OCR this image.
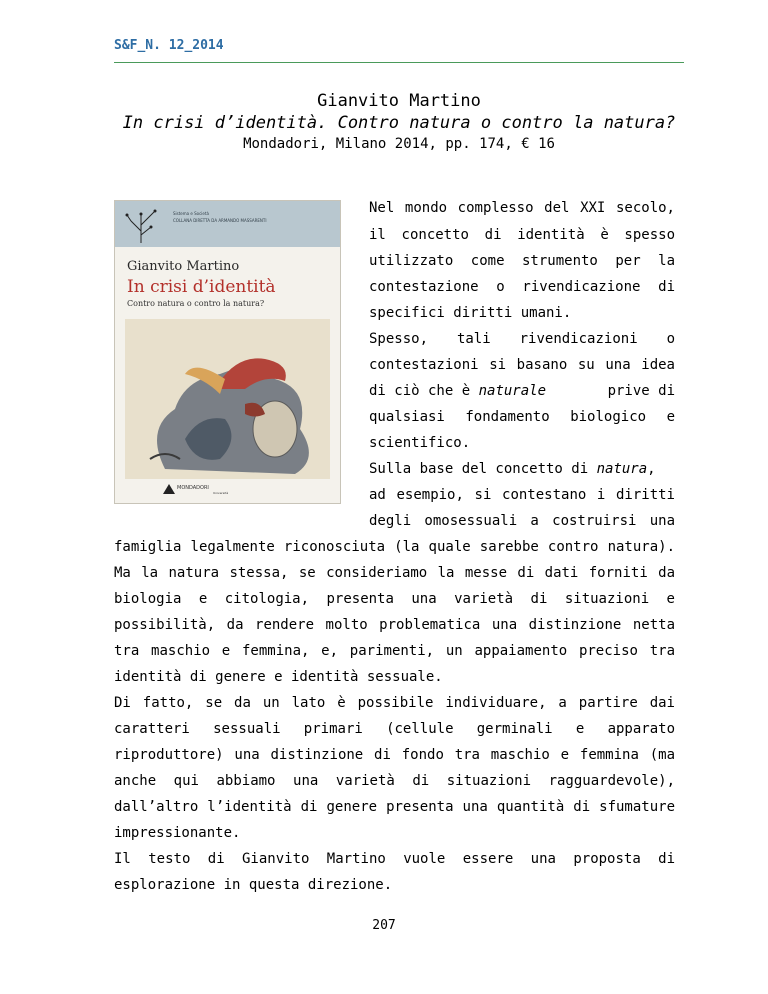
S&F_N. 12_2014
Gianvito Martino
In crisi d’identità. Contro natura o contro la natura?
Mondadori, Milano 2014, pp. 174, € 16
Sistema e Società
COLLANA DIRETTA DA ARMANDO MASSARENTI
Gianvito Martino
In crisi d’identità
Contro natura o contro la natura?
MONDADORI
Università
Nel mondo complesso del XXI secolo,
il concetto di identità è spesso
utilizzato come strumento per la
contestazione o rivendicazione di
specifici diritti umani.
Spesso, tali rivendicazioni o
contestazioni si basano su una idea
di ciò che è naturale	prive di
qualsiasi fondamento biologico e
scientifico.
Sulla base del concetto di natura,
ad esempio, si contestano i diritti
degli omosessuali a costruirsi una
famiglia legalmente riconosciuta (la quale sarebbe contro natura).
Ma la natura stessa, se consideriamo la messe di dati forniti da
biologia e citologia, presenta una varietà di situazioni e
possibilità, da rendere molto problematica una distinzione netta
tra maschio e femmina, e, parimenti, un appaiamento preciso tra
identità di genere e identità sessuale.
Di fatto, se da un lato è possibile individuare, a partire dai
caratteri sessuali primari (cellule germinali e apparato
riproduttore) una distinzione di fondo tra maschio e femmina (ma
anche qui abbiamo una varietà di situazioni ragguardevole),
dall’altro l’identità di genere presenta una quantità di sfumature
impressionante.
Il testo di Gianvito Martino vuole essere una proposta di
esplorazione in questa direzione.
207
